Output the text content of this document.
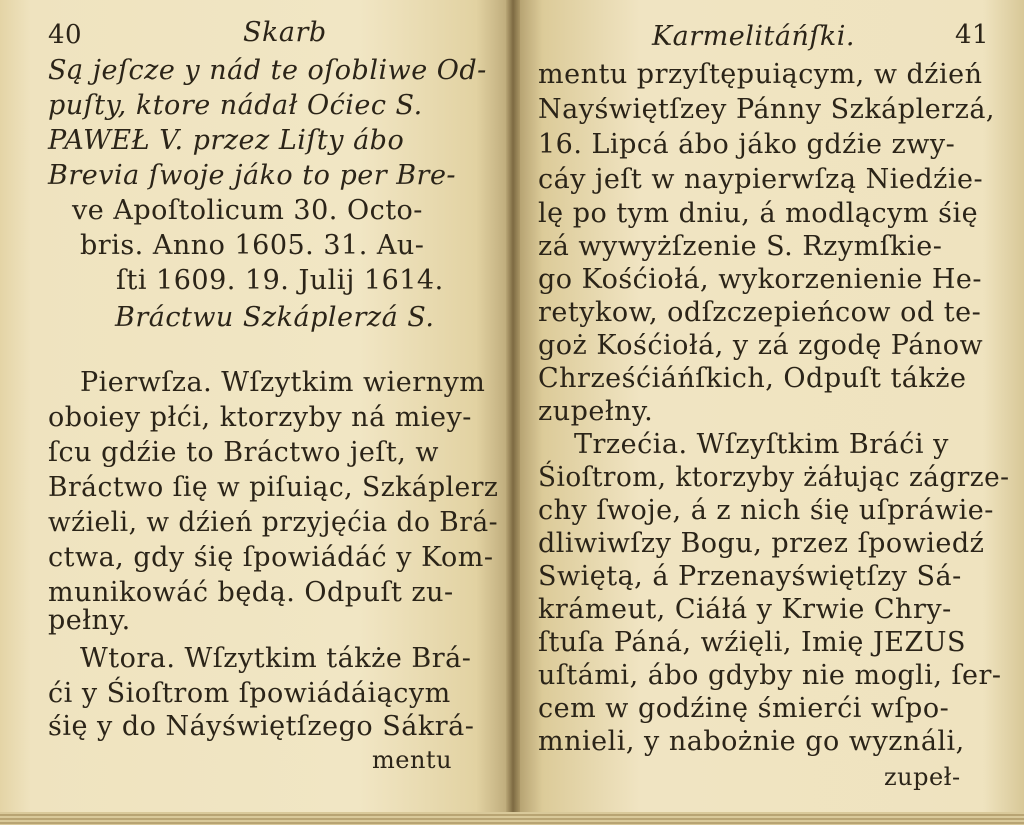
40	Skarb
Są jeſcze y nád te oſobliwe Od-
puſty, ktore nádał Oćiec S.
PAWEŁ V. przez Liſty ábo
Brevia ſwoje jáko to per Bre-
ve Apoſtolicum 30. Octo-
bris. Anno 1605. 31. Au-
ſti 1609. 19. Julij 1614.
Bráctwu Szkáplerzá S.
Pierwſza. Wſzytkim wiernym
oboiey płći, ktorzyby ná miey-
ſcu gdźie to Bráctwo jeſt, w
Bráctwo ſię w piſuiąc, Szkáplerz
wźieli, w dźień przyjęćia do Brá-
ctwa, gdy śię ſpowiádáć y Kom-
munikowáć będą. Odpuſt zu-
pełny.
Wtora. Wſzytkim tákże Brá-
ći y Śioſtrom ſpowiádáiącym
śię y do Náyświętſzego Sákrá-
mentu
Karmelitáńſki.	41
mentu przyſtępuiącym, w dźień
Nayświętſzey Pánny Szkáplerzá,
16. Lipcá ábo jáko gdźie zwy-
cáy jeſt w naypierwſzą Niedźie-
lę po tym dniu, á modlącym śię
zá wywyżſzenie S. Rzymſkie-
go Kośćiołá, wykorzenienie He-
retykow, odſzczepieńcow od te-
goż Kośćiołá, y zá zgodę Pánow
Chrześćiáńſkich, Odpuſt tákże
zupełny.
Trzećia. Wſzyſtkim Bráći y
Śioſtrom, ktorzyby żáłując zágrze-
chy ſwoje, á z nich śię uſpráwie-
dliwiwſzy Bogu, przez ſpowiedź
Swiętą, á Przenayświętſzy Sá-
krámeut, Ciáłá y Krwie Chry-
ſtuſa Páná, wźięli, Imię JEZUS
uſtámi, ábo gdyby nie mogli, ſer-
cem w godźinę śmierći wſpo-
mnieli, y nabożnie go wyználi,
zupeł-
